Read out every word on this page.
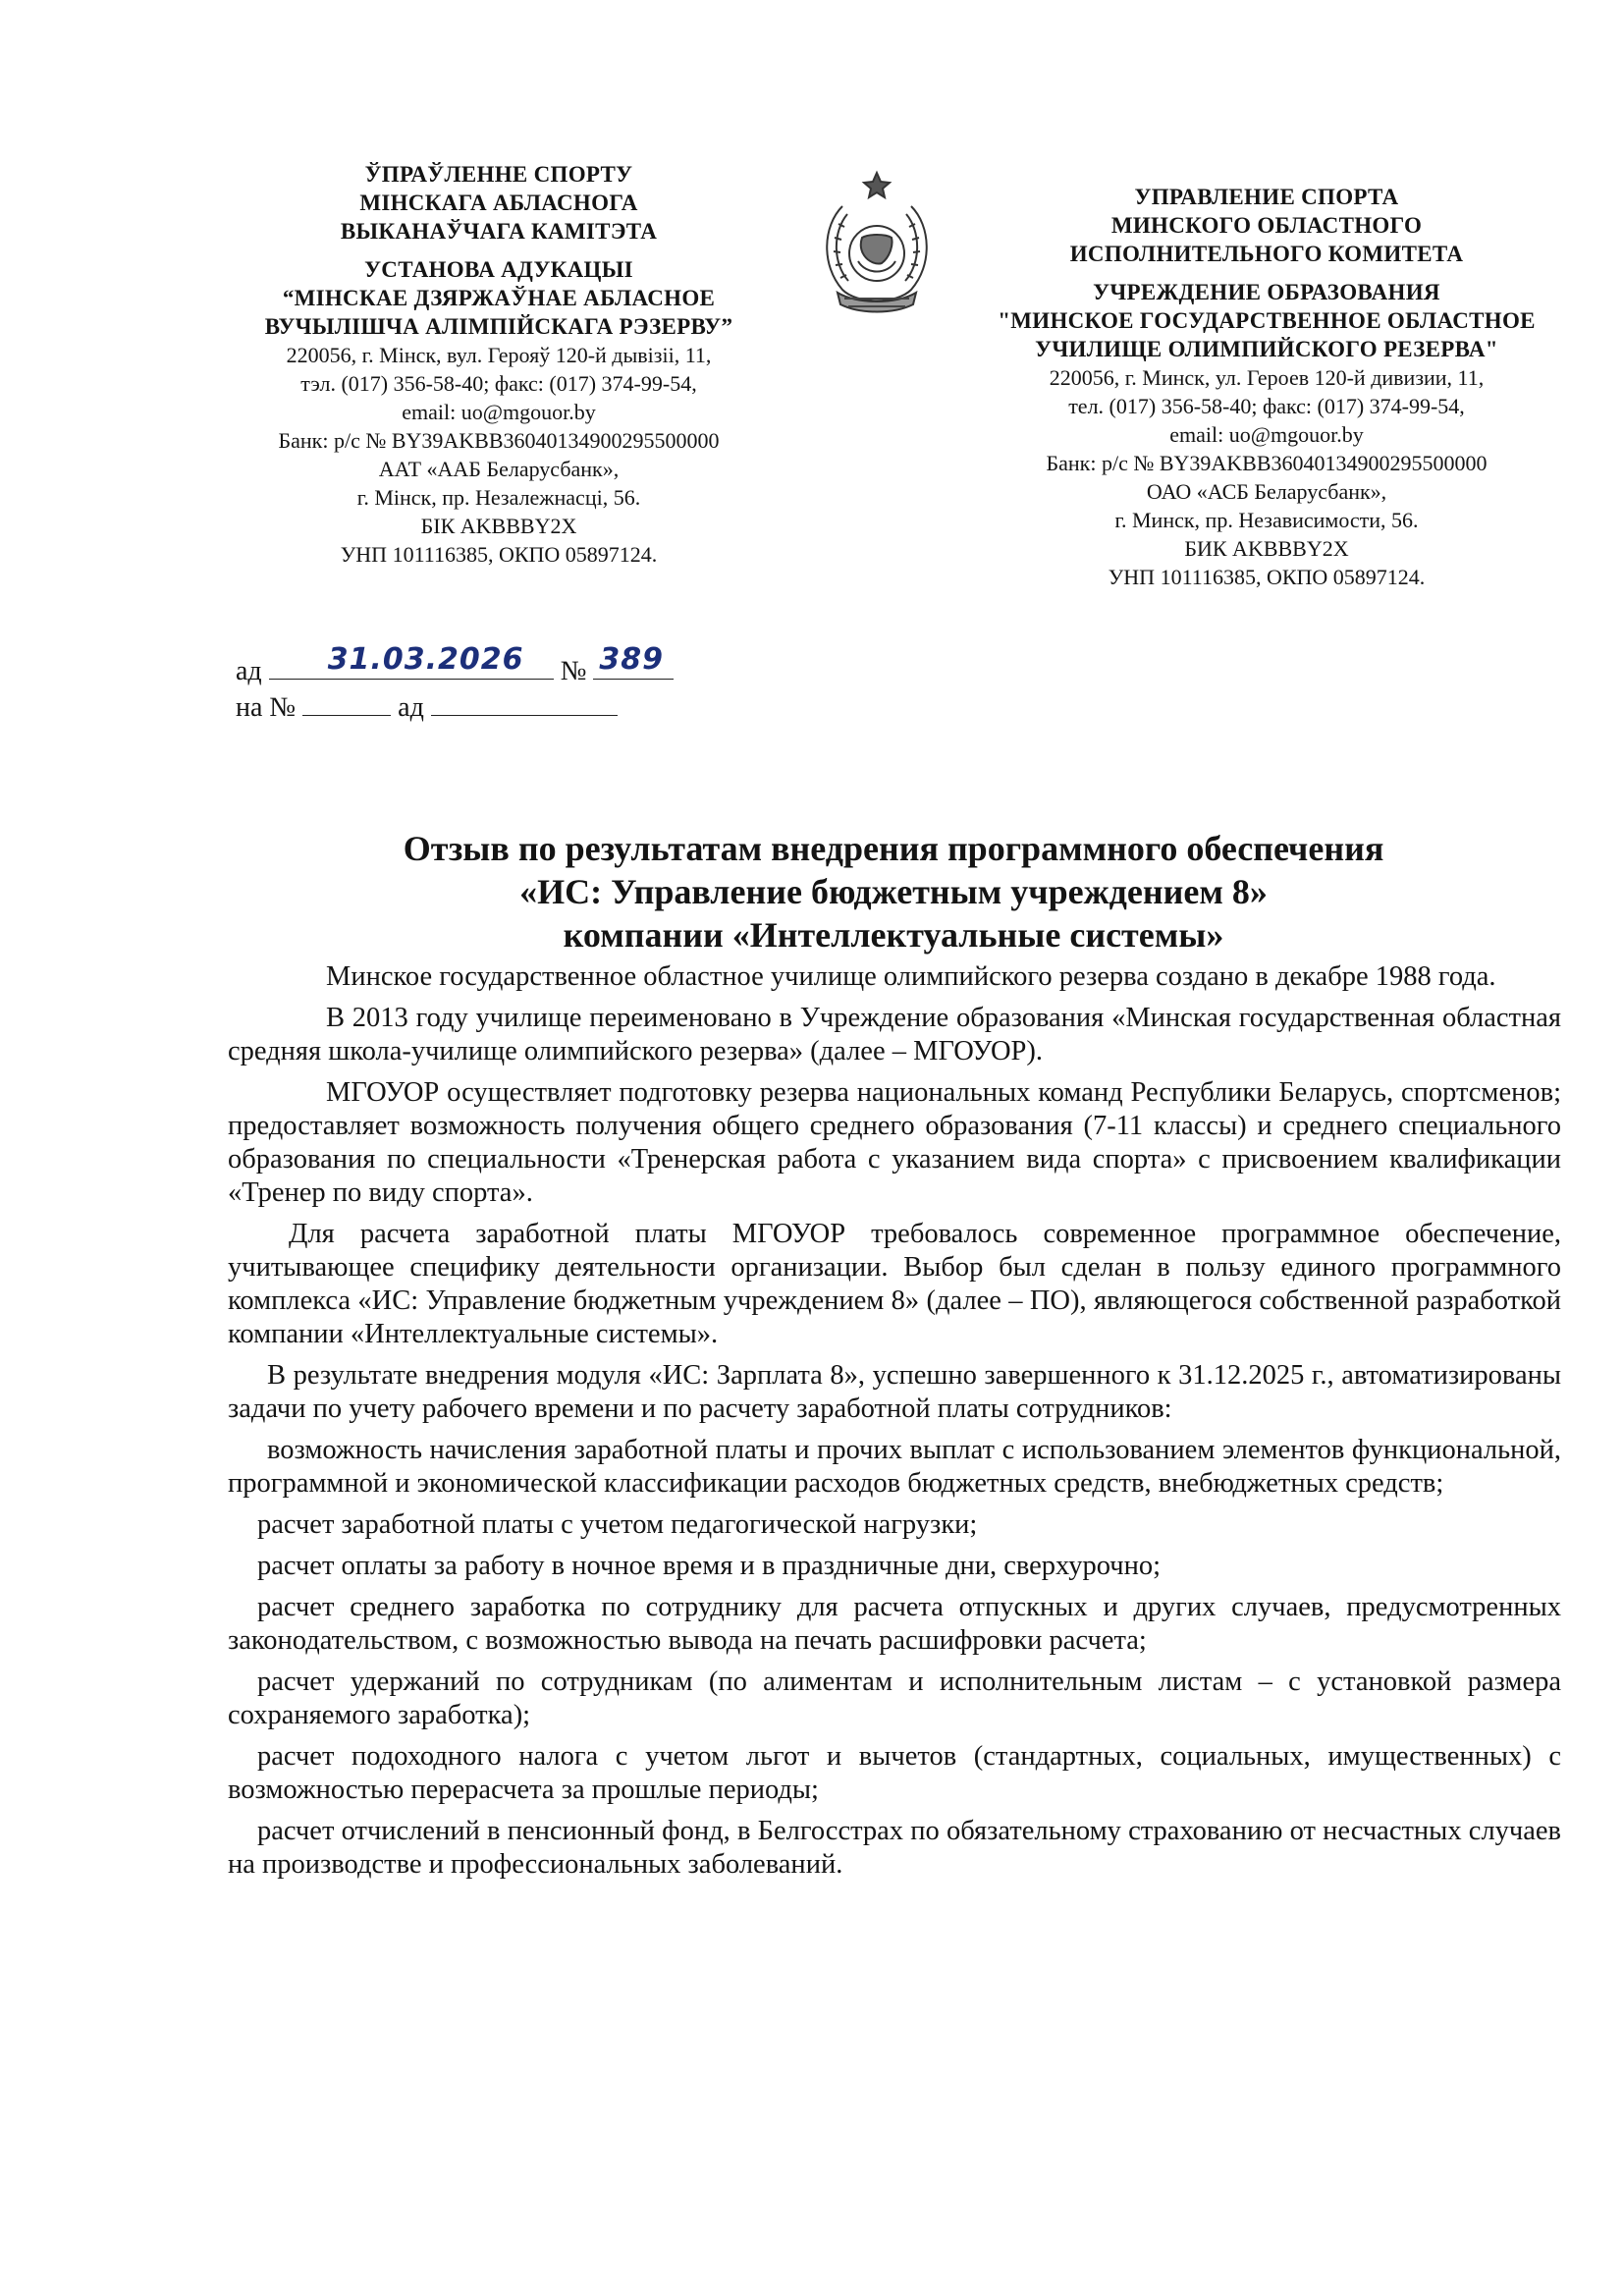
ЎПРАЎЛЕННЕ СПОРТУ
МІНСКАГА АБЛАСНОГА
ВЫКАНАЎЧАГА КАМІТЭТА
УСТАНОВА АДУКАЦЫІ
“МІНСКАЕ ДЗЯРЖАЎНАЕ АБЛАСНОЕ
ВУЧЫЛІШЧА АЛІМПІЙСКАГА РЭЗЕРВУ”
220056, г. Мінск, вул. Герояў 120-й дывізіі, 11,
тэл. (017) 356-58-40; факс: (017) 374-99-54,
email: uo@mgouor.by
Банк: р/с № BY39AKBB36040134900295500000
ААТ «ААБ Беларусбанк»,
г. Мінск, пр. Незалежнасці, 56.
БІК AKBBBY2X
УНП 101116385, ОКПО 05897124.
УПРАВЛЕНИЕ СПОРТА
МИНСКОГО ОБЛАСТНОГО
ИСПОЛНИТЕЛЬНОГО КОМИТЕТА
УЧРЕЖДЕНИЕ ОБРАЗОВАНИЯ
"МИНСКОЕ ГОСУДАРСТВЕННОЕ ОБЛАСТНОЕ
УЧИЛИЩЕ ОЛИМПИЙСКОГО РЕЗЕРВА"
220056, г. Минск, ул. Героев 120-й дивизии, 11,
тел. (017) 356-58-40; факс: (017) 374-99-54,
email: uo@mgouor.by
Банк: р/с № BY39AKBB36040134900295500000
ОАО «АСБ Беларусбанк»,
г. Минск, пр. Независимости, 56.
БИК AKBBBY2X
УНП 101116385, ОКПО 05897124.
ад 31.03.2026 № 389
на №	ад
Отзыв по результатам внедрения программного обеспечения
«ИС: Управление бюджетным учреждением 8»
компании «Интеллектуальные системы»

Минское государственное областное училище олимпийского резерва создано в декабре 1988 года.

В 2013 году училище переименовано в Учреждение образования «Минская государственная областная средняя школа-училище олимпийского резерва» (далее – МГОУОР).

МГОУОР осуществляет подготовку резерва национальных команд Республики Беларусь, спортсменов; предоставляет возможность получения общего среднего образования (7-11 классы) и среднего специального образования по специальности «Тренерская работа с указанием вида спорта» с присвоением квалификации «Тренер по виду спорта».

Для расчета заработной платы МГОУОР требовалось современное программное обеспечение, учитывающее специфику деятельности организации. Выбор был сделан в пользу единого программного комплекса «ИС: Управление бюджетным учреждением 8» (далее – ПО), являющегося собственной разработкой компании «Интеллектуальные системы».

В результате внедрения модуля «ИС: Зарплата 8», успешно завершенного к 31.12.2025 г., автоматизированы задачи по учету рабочего времени и по расчету заработной платы сотрудников:

возможность начисления заработной платы и прочих выплат с использованием элементов функциональной, программной и экономической классификации расходов бюджетных средств, внебюджетных средств;

расчет заработной платы с учетом педагогической нагрузки;

расчет оплаты за работу в ночное время и в праздничные дни, сверхурочно;

расчет среднего заработка по сотруднику для расчета отпускных и других случаев, предусмотренных законодательством, с возможностью вывода на печать расшифровки расчета;

расчет удержаний по сотрудникам (по алиментам и исполнительным листам – с установкой размера сохраняемого заработка);

расчет подоходного налога с учетом льгот и вычетов (стандартных, социальных, имущественных) с возможностью перерасчета за прошлые периоды;

расчет отчислений в пенсионный фонд, в Белгосстрах по обязательному страхованию от несчастных случаев на производстве и профессиональных заболеваний.
